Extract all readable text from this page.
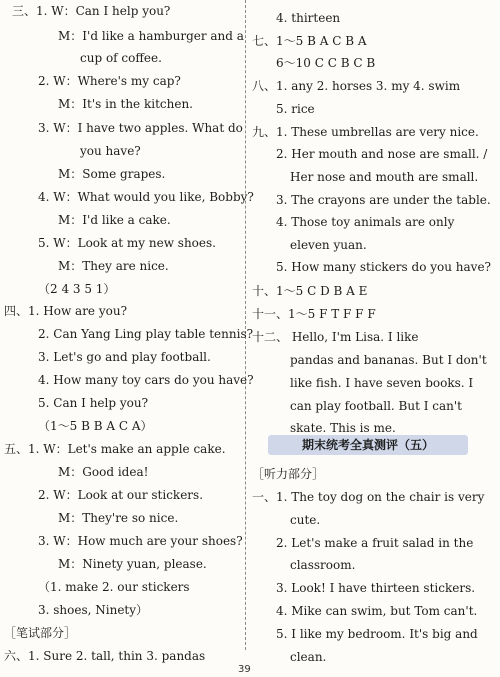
三、1. W：Can I help you?
M：I'd like a hamburger and a
cup of coffee.
2. W：Where's my cap?
M：It's in the kitchen.
3. W：I have two apples. What do
you have?
M：Some grapes.
4. W：What would you like, Bobby?
M：I'd like a cake.
5. W：Look at my new shoes.
M：They are nice.
（2 4 3 5 1）
四、1. How are you?
2. Can Yang Ling play table tennis?
3. Let's go and play football.
4. How many toy cars do you have?
5. Can I help you?
（1～5 B B A C A）
五、1. W：Let's make an apple cake.
M：Good idea!
2. W：Look at our stickers.
M：They're so nice.
3. W：How much are your shoes?
M：Ninety yuan, please.
（1. make 2. our stickers
3. shoes, Ninety）
［笔试部分］
六、1. Sure 2. tall, thin 3. pandas
4. thirteen
七、1～5 B A C B A
6～10 C C B C B
八、1. any 2. horses 3. my 4. swim
5. rice
九、1. These umbrellas are very nice.
2. Her mouth and nose are small. /
Her nose and mouth are small.
3. The crayons are under the table.
4. Those toy animals are only
eleven yuan.
5. How many stickers do you have?
十、1～5 C D B A E
十一、1～5 F T F F F
十二、 Hello, I'm Lisa. I like
pandas and bananas. But I don't
like fish. I have seven books. I
can play football. But I can't
skate. This is me.
［听力部分］
一、1. The toy dog on the chair is very
cute.
2. Let's make a fruit salad in the
classroom.
3. Look! I have thirteen stickers.
4. Mike can swim, but Tom can't.
5. I like my bedroom. It's big and
clean.
期末统考全真测评（五）
39
